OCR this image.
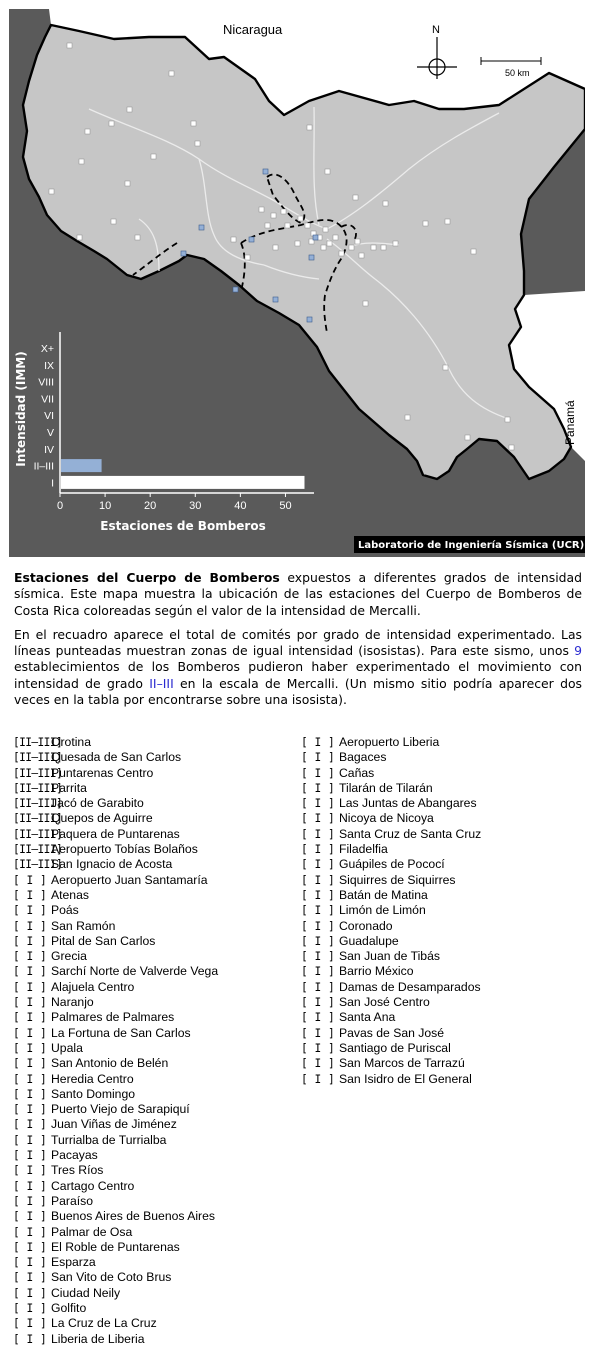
Nicaragua
Panamá
N
50 km
Laboratorio de Ingeniería Sísmica (UCR)
X+
IX
VIII
VII
VI
V
IV
II–III
I
0	10	20	30	40	50
Estaciones de Bomberos
Intensidad (IMM)

Estaciones del Cuerpo de Bomberos expuestos a diferentes grados de intensidad sísmica. Este mapa muestra la ubicación de las estaciones del Cuerpo de Bomberos de Costa Rica coloreadas según el valor de la intensidad de Mercalli.

En el recuadro aparece el total de comités por grado de intensidad experimentado. Las líneas punteadas muestran zonas de igual intensidad (isosistas). Para este sismo, unos 9 establecimientos de los Bomberos pudieron haber experimentado el movimiento con intensidad de grado II–III en la escala de Mercalli. (Un mismo sitio podría aparecer dos veces en la tabla por encontrarse sobre una isosista).

[II–III]Orotina
[II–III]Quesada de San Carlos
[II–III]Puntarenas Centro
[II–III]Parrita
[II–III]Jacó de Garabito
[II–III]Quepos de Aguirre
[II–III]Paquera de Puntarenas
[II–III]Aeropuerto Tobías Bolaños
[II–III]San Ignacio de Acosta
[ I ] Aeropuerto Juan Santamaría
[ I ] Atenas
[ I ] Poás
[ I ] San Ramón
[ I ] Pital de San Carlos
[ I ] Grecia
[ I ] Sarchí Norte de Valverde Vega
[ I ] Alajuela Centro
[ I ] Naranjo
[ I ] Palmares de Palmares
[ I ] La Fortuna de San Carlos
[ I ] Upala
[ I ] San Antonio de Belén
[ I ] Heredia Centro
[ I ] Santo Domingo
[ I ] Puerto Viejo de Sarapiquí
[ I ] Juan Viñas de Jiménez
[ I ] Turrialba de Turrialba
[ I ] Pacayas
[ I ] Tres Ríos
[ I ] Cartago Centro
[ I ] Paraíso
[ I ] Buenos Aires de Buenos Aires
[ I ] Palmar de Osa
[ I ] El Roble de Puntarenas
[ I ] Esparza
[ I ] San Vito de Coto Brus
[ I ] Ciudad Neily
[ I ] Golfito
[ I ] La Cruz de La Cruz
[ I ] Liberia de Liberia
[ I ] Aeropuerto Liberia
[ I ] Bagaces
[ I ] Cañas
[ I ] Tilarán de Tilarán
[ I ] Las Juntas de Abangares
[ I ] Nicoya de Nicoya
[ I ] Santa Cruz de Santa Cruz
[ I ] Filadelfia
[ I ] Guápiles de Pococí
[ I ] Siquirres de Siquirres
[ I ] Batán de Matina
[ I ] Limón de Limón
[ I ] Coronado
[ I ] Guadalupe
[ I ] San Juan de Tibás
[ I ] Barrio México
[ I ] Damas de Desamparados
[ I ] San José Centro
[ I ] Santa Ana
[ I ] Pavas de San José
[ I ] Santiago de Puriscal
[ I ] San Marcos de Tarrazú
[ I ] San Isidro de El General
